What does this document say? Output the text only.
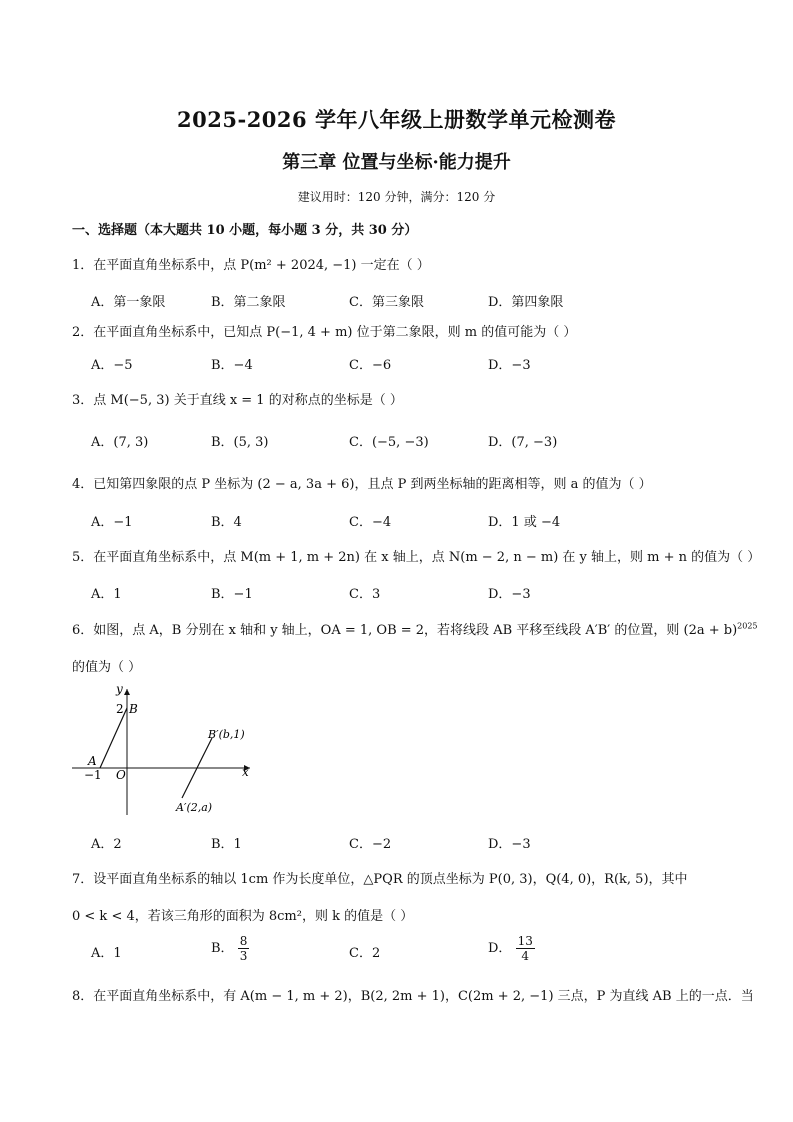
2025-2026 学年八年级上册数学单元检测卷
第三章 位置与坐标·能力提升
建议用时：120 分钟，满分：120 分
一、选择题（本大题共 10 小题，每小题 3 分，共 30 分）
1．在平面直角坐标系中，点 P(m² + 2024, −1) 一定在（ ）
A．第一象限	B．第二象限	C．第三象限	D．第四象限
2．在平面直角坐标系中，已知点 P(−1, 4 + m) 位于第二象限，则 m 的值可能为（ ）
A．−5	B．−4	C．−6	D．−3
3．点 M(−5, 3) 关于直线 x = 1 的对称点的坐标是（ ）
A．(7, 3)	B．(5, 3)	C．(−5, −3)	D．(7, −3)
4．已知第四象限的点 P 坐标为 (2 − a, 3a + 6)，且点 P 到两坐标轴的距离相等，则 a 的值为（ ）
A．−1	B．4	C．−4	D．1 或 −4
5．在平面直角坐标系中，点 M(m + 1, m + 2n) 在 x 轴上，点 N(m − 2, n − m) 在 y 轴上，则 m + n 的值为（ ）
A．1	B．−1	C．3	D．−3
6．如图，点 A，B 分别在 x 轴和 y 轴上，OA = 1, OB = 2，若将线段 AB 平移至线段 A′B′ 的位置，则 $(2a + b)^{2025}$
的值为（ ）
y
x
O
2 B
A
−1
B′(b,1)
A′(2,a)
A．2	B．1	C．−2	D．−3
7．设平面直角坐标系的轴以 1cm 作为长度单位，△PQR 的顶点坐标为 P(0, 3)，Q(4, 0)，R(k, 5)，其中
0 < k < 4，若该三角形的面积为 8cm²，则 k 的值是（ ）
A．1	B． $\frac{8}{3}$	C．2	D． $\frac{13}{4}$
8．在平面直角坐标系中，有 A(m − 1, m + 2)，B(2, 2m + 1)，C(2m + 2, −1) 三点，P 为直线 AB 上的一点．当
